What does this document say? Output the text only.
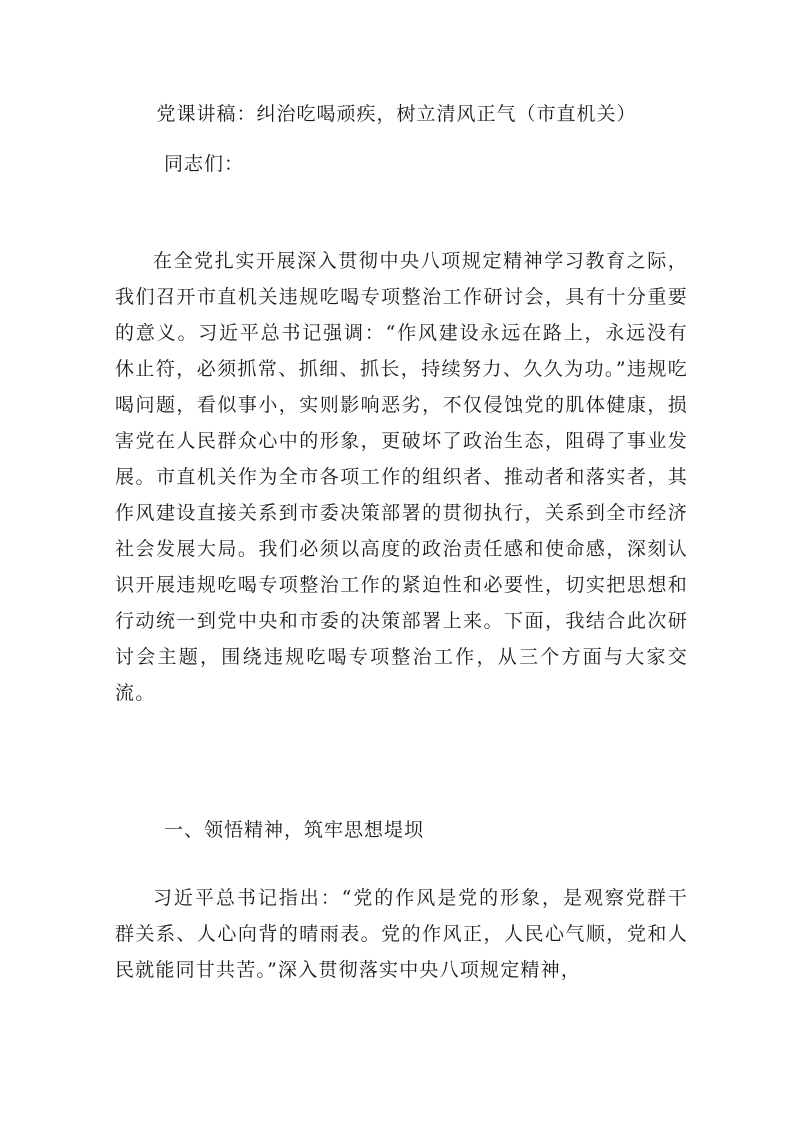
党课讲稿：纠治吃喝顽疾，树立清风正气（市直机关）

同志们：

在全党扎实开展深入贯彻中央八项规定精神学习教育之际，我们召开市直机关违规吃喝专项整治工作研讨会，具有十分重要的意义。习近平总书记强调：“作风建设永远在路上，永远没有休止符，必须抓常、抓细、抓长，持续努力、久久为功。”违规吃喝问题，看似事小，实则影响恶劣，不仅侵蚀党的肌体健康，损害党在人民群众心中的形象，更破坏了政治生态，阻碍了事业发展。市直机关作为全市各项工作的组织者、推动者和落实者，其作风建设直接关系到市委决策部署的贯彻执行，关系到全市经济社会发展大局。我们必须以高度的政治责任感和使命感，深刻认识开展违规吃喝专项整治工作的紧迫性和必要性，切实把思想和行动统一到党中央和市委的决策部署上来。下面，我结合此次研讨会主题，围绕违规吃喝专项整治工作，从三个方面与大家交流。

一、领悟精神，筑牢思想堤坝

习近平总书记指出：“党的作风是党的形象，是观察党群干群关系、人心向背的晴雨表。党的作风正，人民心气顺，党和人民就能同甘共苦。”深入贯彻落实中央八项规定精神，
